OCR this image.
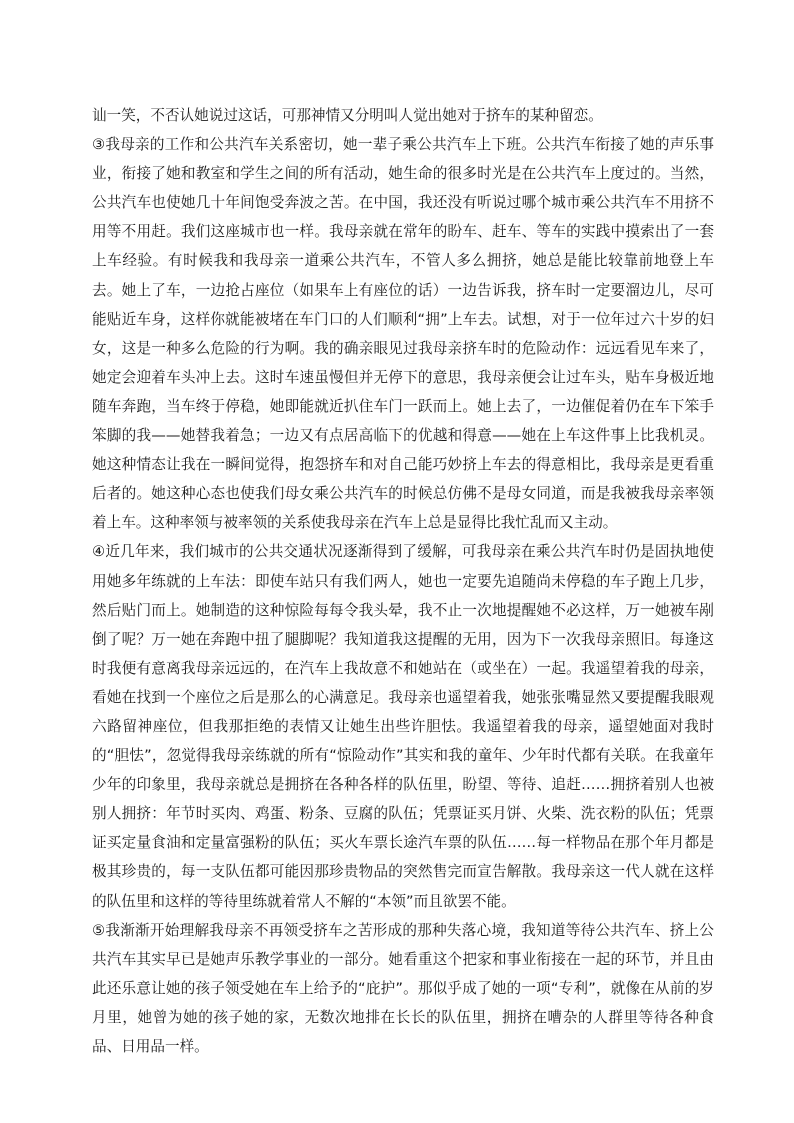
讪一笑，不否认她说过这话，可那神情又分明叫人觉出她对于挤车的某种留恋。

③我母亲的工作和公共汽车关系密切，她一辈子乘公共汽车上下班。公共汽车衔接了她的声乐事业，衔接了她和教室和学生之间的所有活动，她生命的很多时光是在公共汽车上度过的。当然，公共汽车也使她几十年间饱受奔波之苦。在中国，我还没有听说过哪个城市乘公共汽车不用挤不用等不用赶。我们这座城市也一样。我母亲就在常年的盼车、赶车、等车的实践中摸索出了一套上车经验。有时候我和我母亲一道乘公共汽车，不管人多么拥挤，她总是能比较靠前地登上车去。她上了车，一边抢占座位（如果车上有座位的话）一边告诉我，挤车时一定要溜边儿，尽可能贴近车身，这样你就能被堵在车门口的人们顺利“拥”上车去。试想，对于一位年过六十岁的妇女，这是一种多么危险的行为啊。我的确亲眼见过我母亲挤车时的危险动作：远远看见车来了，她定会迎着车头冲上去。这时车速虽慢但并无停下的意思，我母亲便会让过车头，贴车身极近地随车奔跑，当车终于停稳，她即能就近扒住车门一跃而上。她上去了，一边催促着仍在车下笨手笨脚的我——她替我着急；一边又有点居高临下的优越和得意——她在上车这件事上比我机灵。她这种情态让我在一瞬间觉得，抱怨挤车和对自己能巧妙挤上车去的得意相比，我母亲是更看重后者的。她这种心态也使我们母女乘公共汽车的时候总仿佛不是母女同道，而是我被我母亲率领着上车。这种率领与被率领的关系使我母亲在汽车上总是显得比我忙乱而又主动。

④近几年来，我们城市的公共交通状况逐渐得到了缓解，可我母亲在乘公共汽车时仍是固执地使用她多年练就的上车法：即使车站只有我们两人，她也一定要先追随尚未停稳的车子跑上几步，然后贴门而上。她制造的这种惊险每每令我头晕，我不止一次地提醒她不必这样，万一她被车剐倒了呢？万一她在奔跑中扭了腿脚呢？我知道我这提醒的无用，因为下一次我母亲照旧。每逢这时我便有意离我母亲远远的，在汽车上我故意不和她站在（或坐在）一起。我遥望着我的母亲，看她在找到一个座位之后是那么的心满意足。我母亲也遥望着我，她张张嘴显然又要提醒我眼观六路留神座位，但我那拒绝的表情又让她生出些许胆怯。我遥望着我的母亲，遥望她面对我时的“胆怯”，忽觉得我母亲练就的所有“惊险动作”其实和我的童年、少年时代都有关联。在我童年少年的印象里，我母亲就总是拥挤在各种各样的队伍里，盼望、等待、追赶……拥挤着别人也被别人拥挤：年节时买肉、鸡蛋、粉条、豆腐的队伍；凭票证买月饼、火柴、洗衣粉的队伍；凭票证买定量食油和定量富强粉的队伍；买火车票长途汽车票的队伍……每一样物品在那个年月都是极其珍贵的，每一支队伍都可能因那珍贵物品的突然售完而宣告解散。我母亲这一代人就在这样的队伍里和这样的等待里练就着常人不解的“本领”而且欲罢不能。

⑤我渐渐开始理解我母亲不再领受挤车之苦形成的那种失落心境，我知道等待公共汽车、挤上公共汽车其实早已是她声乐教学事业的一部分。她看重这个把家和事业衔接在一起的环节，并且由此还乐意让她的孩子领受她在车上给予的“庇护”。那似乎成了她的一项“专利”，就像在从前的岁月里，她曾为她的孩子她的家，无数次地排在长长的队伍里，拥挤在嘈杂的人群里等待各种食品、日用品一样。
